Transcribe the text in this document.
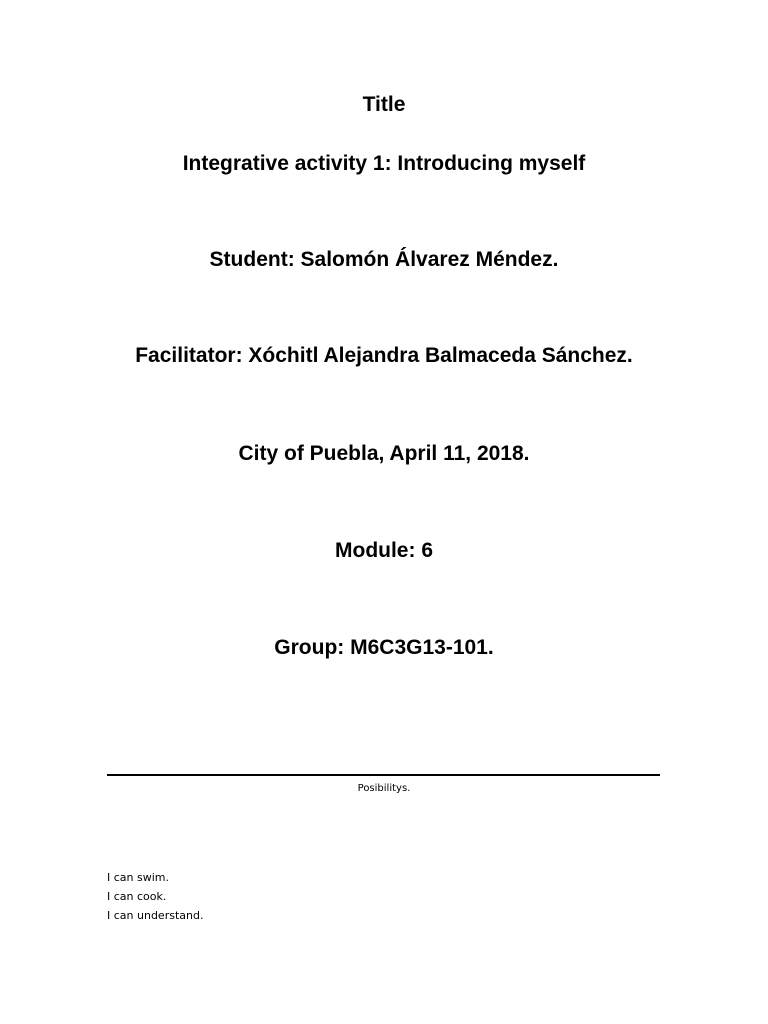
Title
Integrative activity 1: Introducing myself
Student: Salomón Álvarez Méndez.
Facilitator: Xóchitl Alejandra Balmaceda Sánchez.
City of Puebla, April 11, 2018.
Module: 6
Group: M6C3G13-101.
Posibilitys.
I can swim.
I can cook.
I can understand.
